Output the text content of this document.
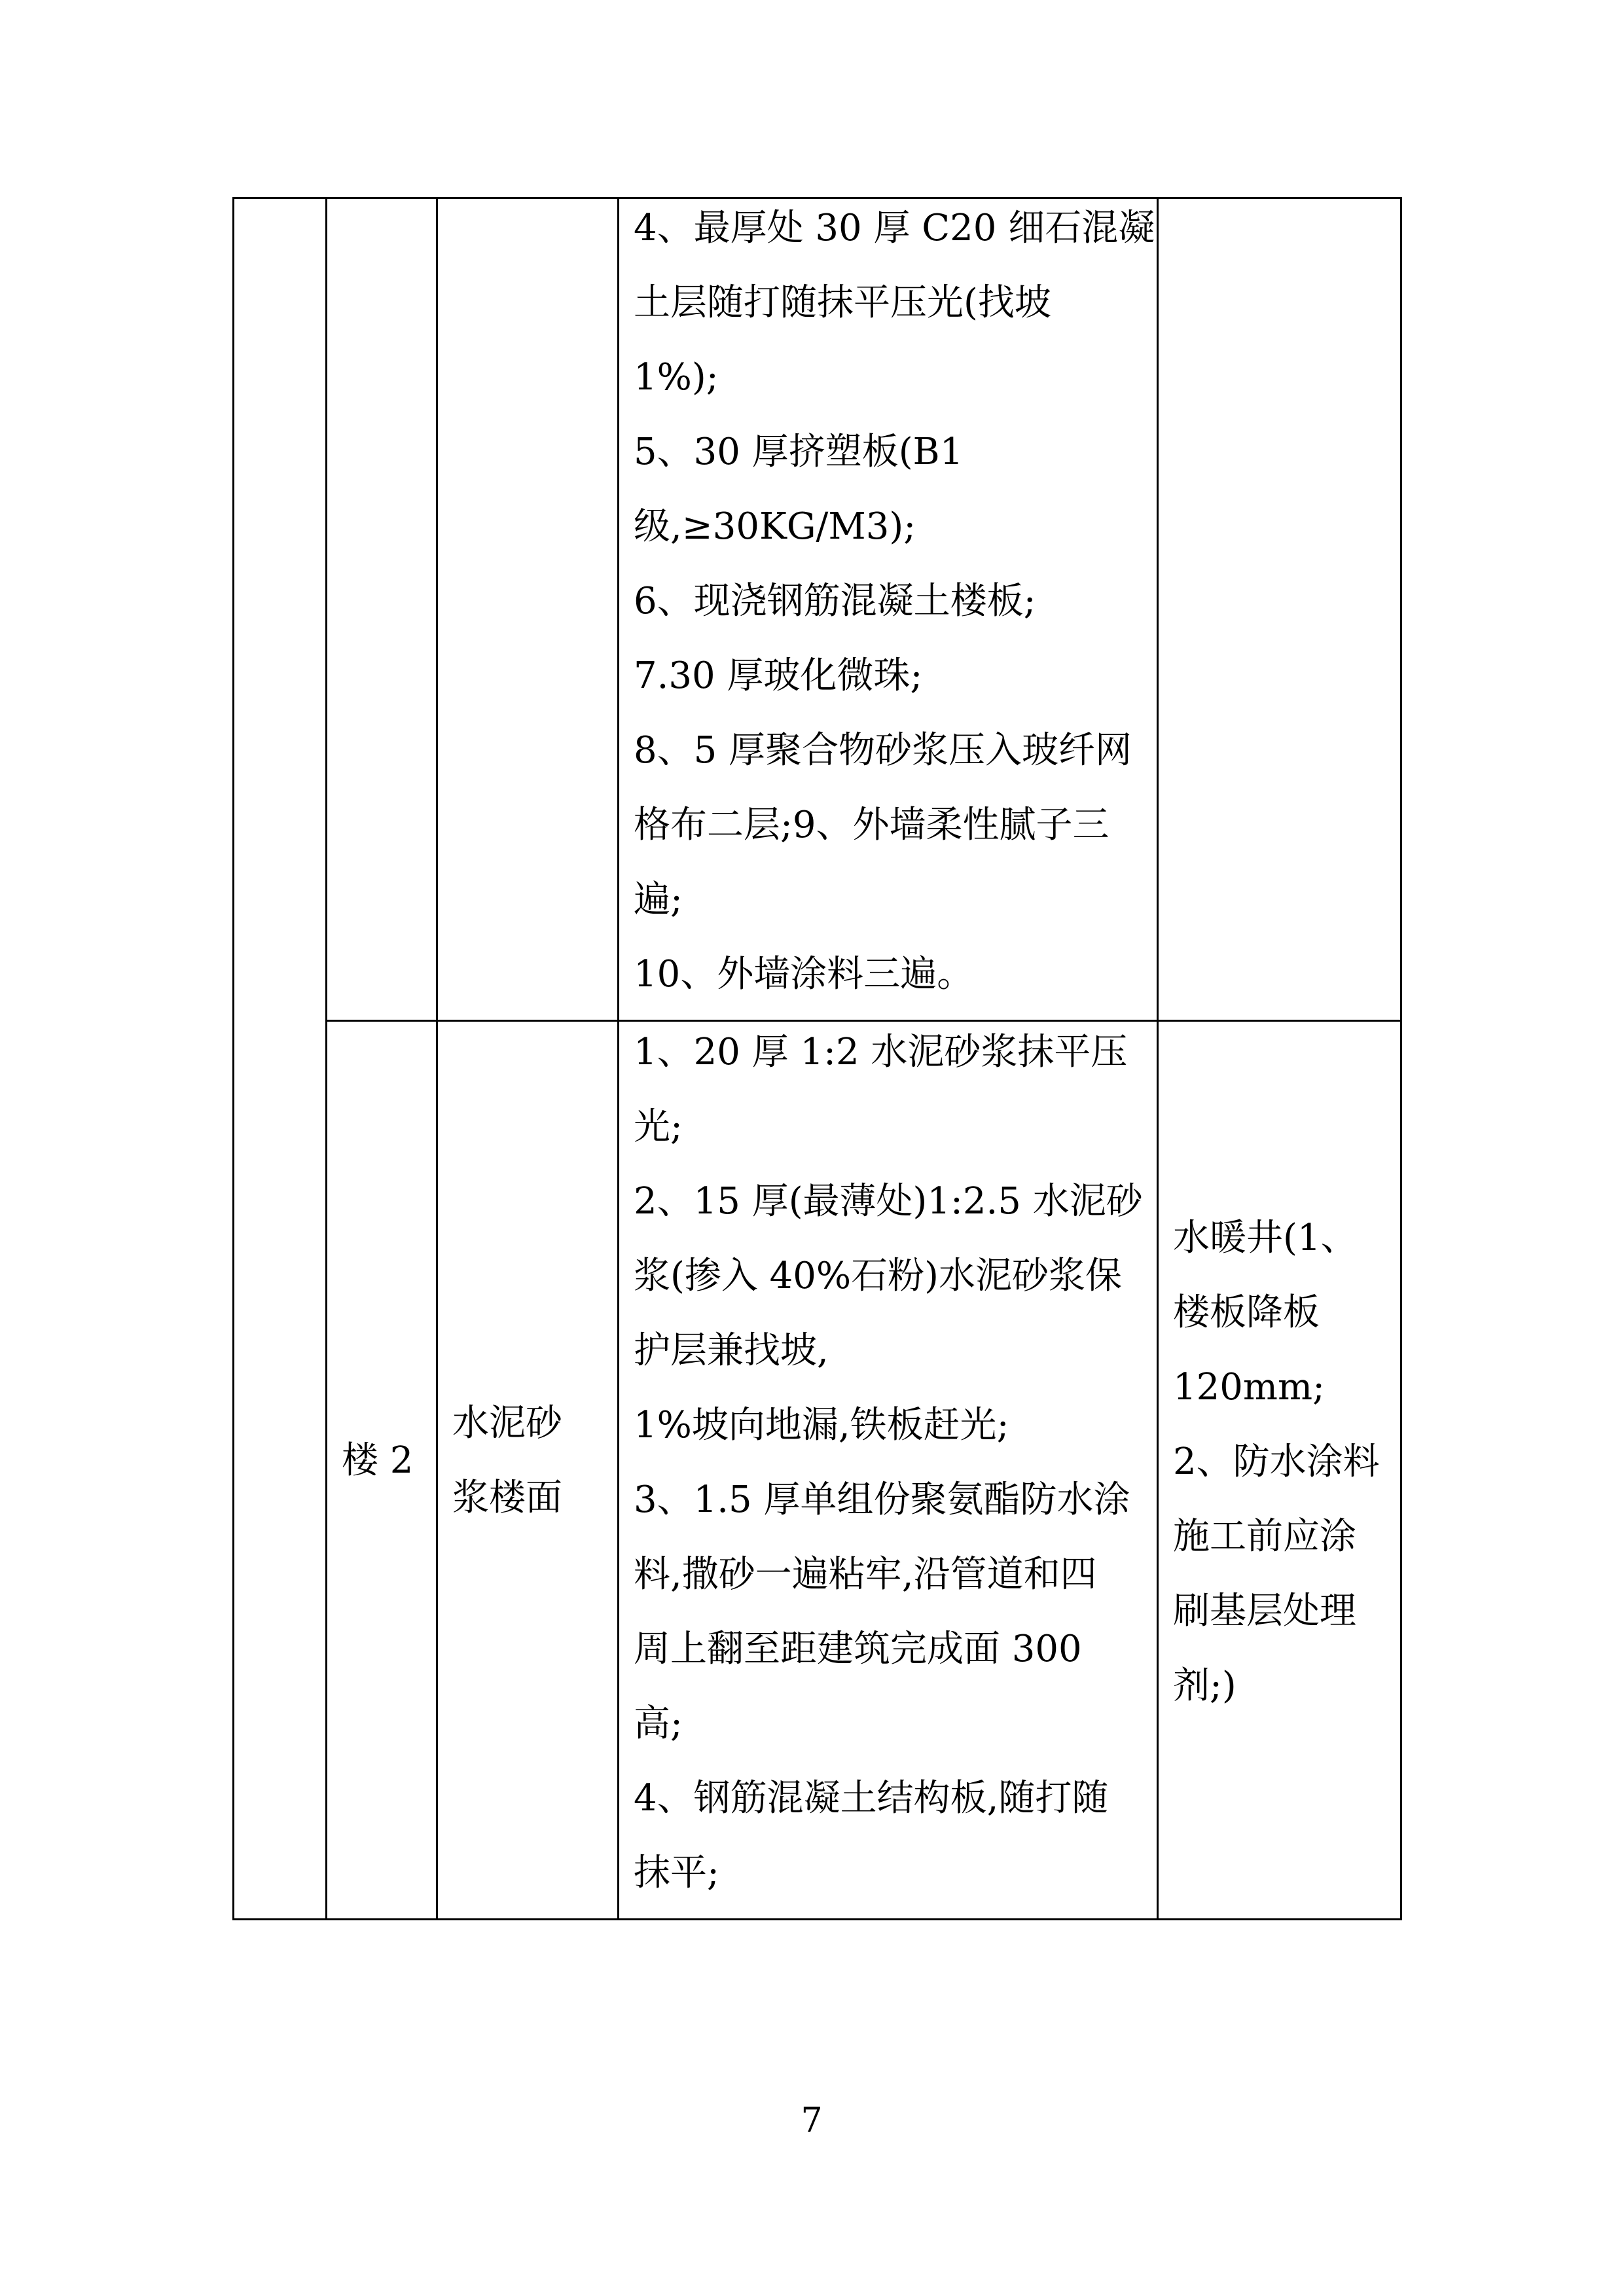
4、最厚处 30 厚 C20 细石混凝
土层随打随抹平压光(找坡
1%);
5、30 厚挤塑板(B1
级,≥30KG/M3);
6、现浇钢筋混凝土楼板;
7.30 厚玻化微珠;
8、5 厚聚合物砂浆压入玻纤网
格布二层;9、外墙柔性腻子三
遍;
10、外墙涂料三遍。
楼 2
水泥砂
浆楼面
1、20 厚 1:2 水泥砂浆抹平压
光;
2、15 厚(最薄处)1:2.5 水泥砂
浆(掺入 40%石粉)水泥砂浆保
护层兼找坡,
1%坡向地漏,铁板赶光;
3、1.5 厚单组份聚氨酯防水涂
料,撒砂一遍粘牢,沿管道和四
周上翻至距建筑完成面 300
高;
4、钢筋混凝土结构板,随打随
抹平;
水暖井(1、
楼板降板
120mm;
2、防水涂料
施工前应涂
刷基层处理
剂;)
7
